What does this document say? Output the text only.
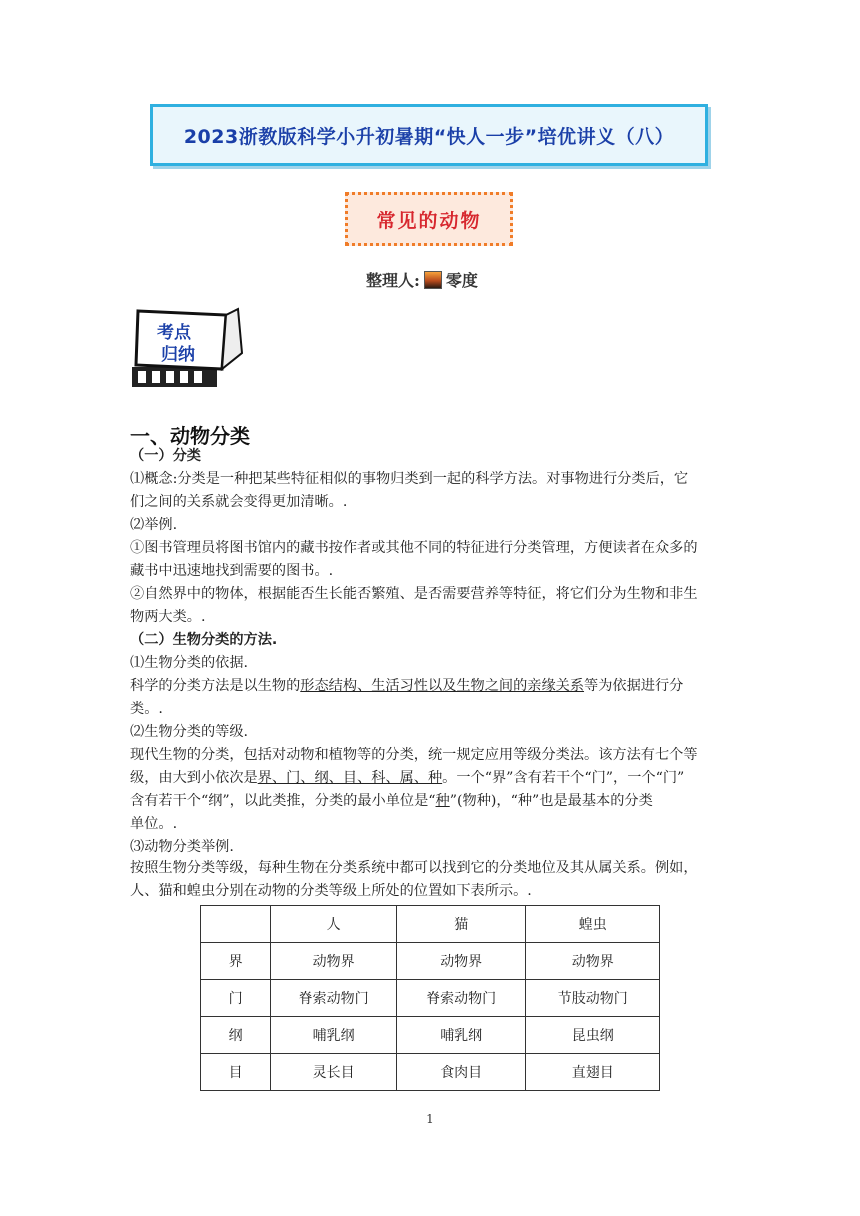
2023浙教版科学小升初暑期“快人一步”培优讲义（八）
常见的动物
整理人: 零度
考点
归纳
一、动物分类
（一）分类
⑴概念:分类是一种把某些特征相似的事物归类到一起的科学方法。对事物进行分类后，它
们之间的关系就会变得更加清晰。.
⑵举例.
①图书管理员将图书馆内的藏书按作者或其他不同的特征进行分类管理，方便读者在众多的
藏书中迅速地找到需要的图书。.
②自然界中的物体，根据能否生长能否繁殖、是否需要营养等特征，将它们分为生物和非生
物两大类。.
（二）生物分类的方法.
⑴生物分类的依据.
科学的分类方法是以生物的形态结构、生活习性以及生物之间的亲缘关系等为依据进行分
类。.
⑵生物分类的等级.
现代生物的分类，包括对动物和植物等的分类，统一规定应用等级分类法。该方法有七个等
级，由大到小依次是界、门、纲、目、科、属、种。一个“界”含有若干个“门”，一个“门”
含有若干个“纲”，以此类推，分类的最小单位是“种”(物种)，“种”也是最基本的分类
单位。.
⑶动物分类举例.
按照生物分类等级，每种生物在分类系统中都可以找到它的分类地位及其从属关系。例如，
	人	猫	蝗虫
界	动物界	动物界	动物界
门	脊索动物门	脊索动物门	节肢动物门
纲	哺乳纲	哺乳纲	昆虫纲
目	灵长目	食肉目	直翅目
1
人、猫和蝗虫分别在动物的分类等级上所处的位置如下表所示。.
